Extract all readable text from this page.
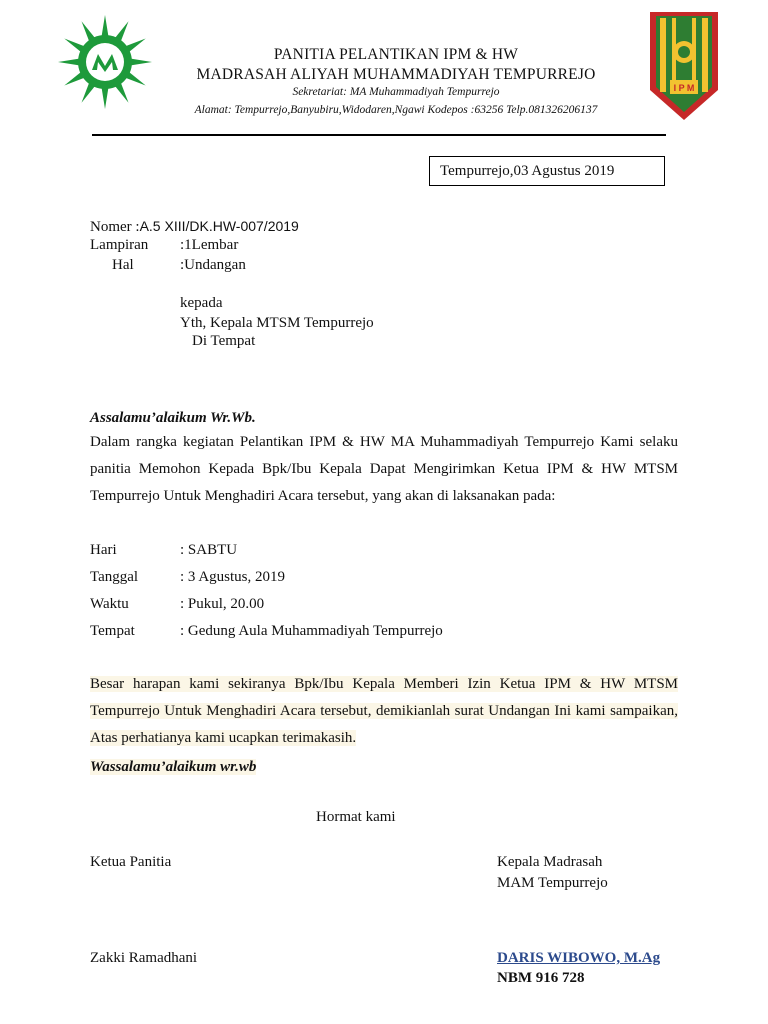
I P M
PANITIA PELANTIKAN IPM & HW
MADRASAH ALIYAH MUHAMMADIYAH TEMPURREJO
Sekretariat: MA Muhammadiyah Tempurrejo
Alamat: Tempurrejo,Banyubiru,Widodaren,Ngawi Kodepos :63256 Telp.081326206137
Tempurrejo,03 Agustus 2019
Nomer :A.5 XIII/DK.HW-007/2019
Lampiran :1Lembar
Hal	:Undangan
kepada
Yth, Kepala MTSM Tempurrejo
Di Tempat
Assalamu’alaikum Wr.Wb.
Dalam rangka kegiatan Pelantikan IPM & HW MA Muhammadiyah Tempurrejo Kami selaku panitia Memohon Kepada Bpk/Ibu Kepala Dapat Mengirimkan Ketua IPM & HW MTSM Tempurrejo Untuk Menghadiri Acara tersebut, yang akan di laksanakan pada:
Hari	: SABTU
Tanggal	: 3 Agustus, 2019
Waktu	: Pukul, 20.00
Tempat	: Gedung Aula Muhammadiyah Tempurrejo
Besar harapan kami sekiranya Bpk/Ibu Kepala Memberi Izin Ketua IPM & HW MTSM Tempurrejo Untuk Menghadiri Acara tersebut, demikianlah surat Undangan Ini kami sampaikan, Atas perhatianya kami ucapkan terimakasih.
Wassalamu’alaikum wr.wb
Hormat kami
Ketua Panitia	Kepala Madrasah
MAM Tempurrejo
Zakki Ramadhani	DARIS WIBOWO, M.Ag
NBM 916 728
